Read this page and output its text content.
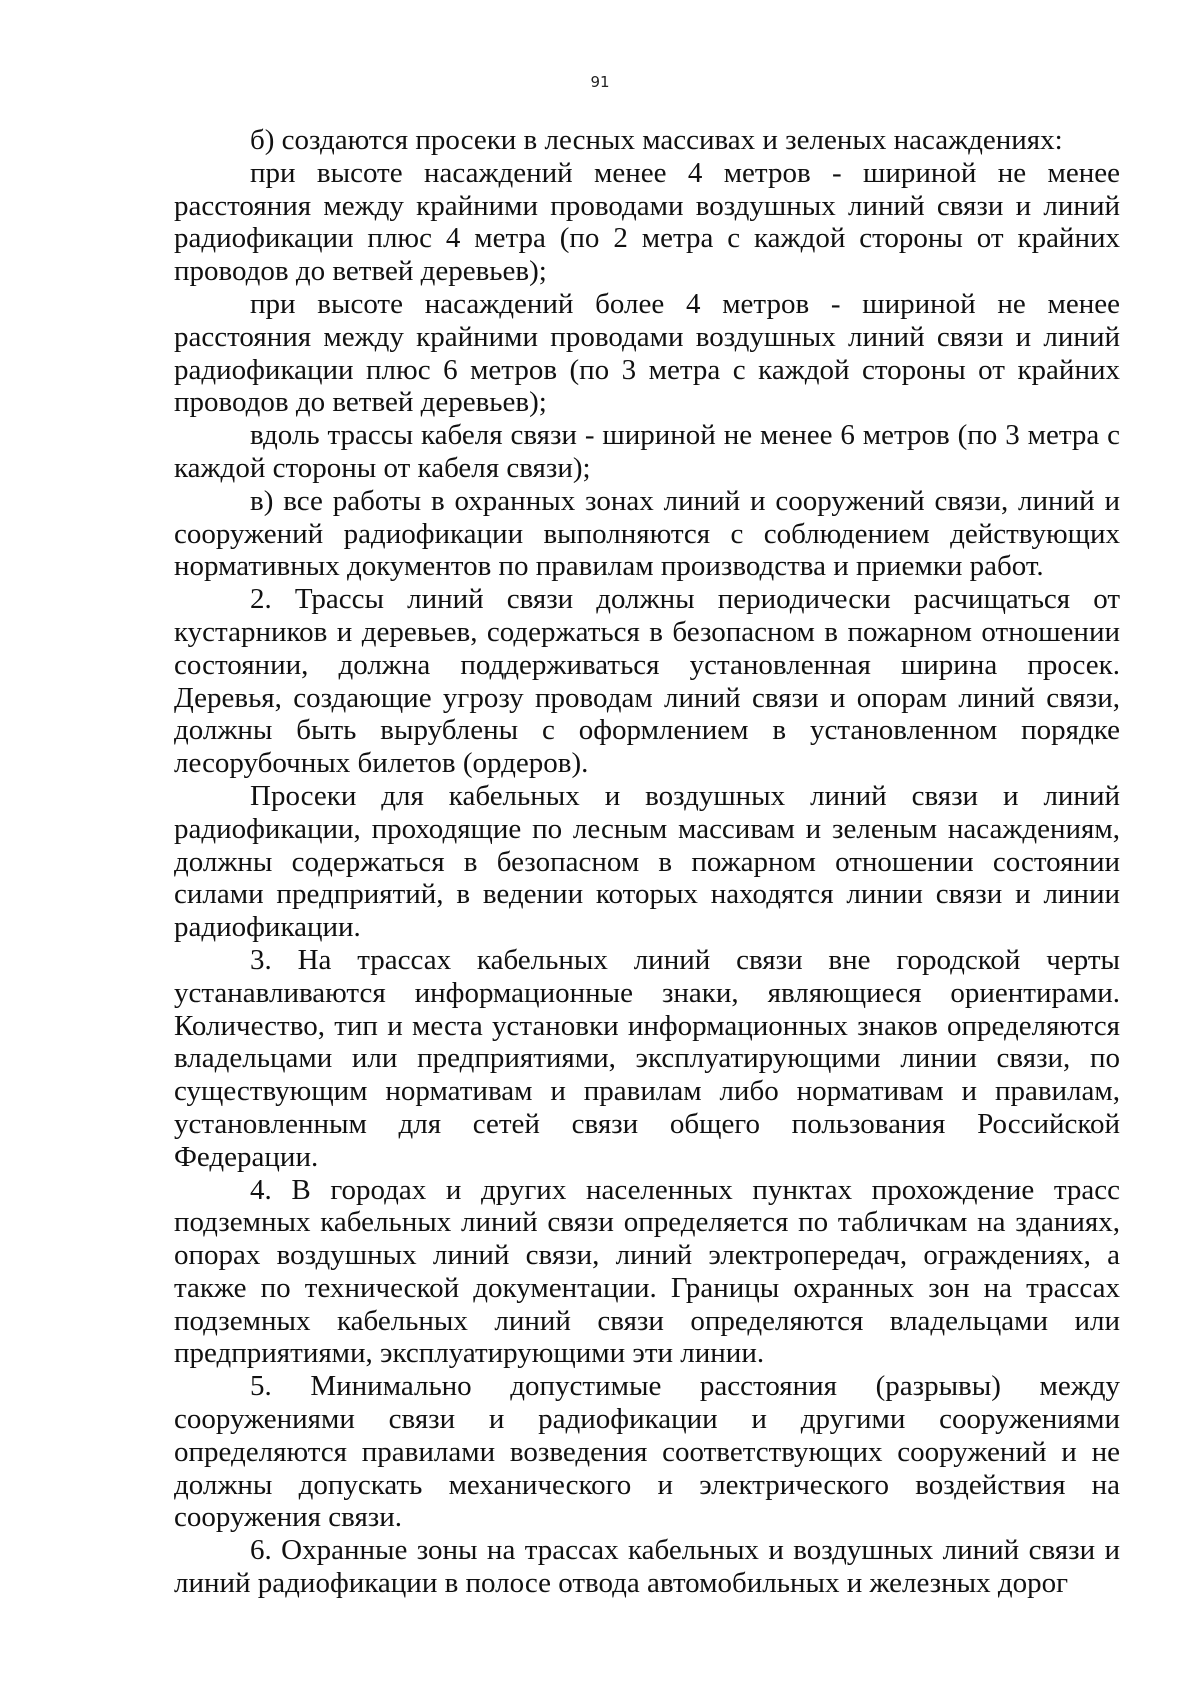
91

б) создаются просеки в лесных массивах и зеленых насаждениях:

при высоте насаждений менее 4 метров - шириной не менее расстояния между крайними проводами воздушных линий связи и линий радиофикации плюс 4 метра (по 2 метра с каждой стороны от крайних проводов до ветвей деревьев);

при высоте насаждений более 4 метров - шириной не менее расстояния между крайними проводами воздушных линий связи и линий радиофикации плюс 6 метров (по 3 метра с каждой стороны от крайних проводов до ветвей деревьев);

вдоль трассы кабеля связи - шириной не менее 6 метров (по 3 метра с каждой стороны от кабеля связи);

в) все работы в охранных зонах линий и сооружений связи, линий и сооружений радиофикации выполняются с соблюдением действующих нормативных документов по правилам производства и приемки работ.

2. Трассы линий связи должны периодически расчищаться от кустарников и деревьев, содержаться в безопасном в пожарном отношении состоянии, должна поддерживаться установленная ширина просек. Деревья, создающие угрозу проводам линий связи и опорам линий связи, должны быть вырублены с оформлением в установленном порядке лесорубочных билетов (ордеров).

Просеки для кабельных и воздушных линий связи и линий радиофикации, проходящие по лесным массивам и зеленым насаждениям, должны содержаться в безопасном в пожарном отношении состоянии силами предприятий, в ведении которых находятся линии связи и линии радиофикации.

3. На трассах кабельных линий связи вне городской черты устанавливаются информационные знаки, являющиеся ориентирами. Количество, тип и места установки информационных знаков определяются владельцами или предприятиями, эксплуатирующими линии связи, по существующим нормативам и правилам либо нормативам и правилам, установленным для сетей связи общего пользования Российской Федерации.

4. В городах и других населенных пунктах прохождение трасс подземных кабельных линий связи определяется по табличкам на зданиях, опорах воздушных линий связи, линий электропередач, ограждениях, а также по технической документации. Границы охранных зон на трассах подземных кабельных линий связи определяются владельцами или предприятиями, эксплуатирующими эти линии.

5. Минимально допустимые расстояния (разрывы) между сооружениями связи и радиофикации и другими сооружениями определяются правилами возведения соответствующих сооружений и не должны допускать механического и электрического воздействия на сооружения связи.

6. Охранные зоны на трассах кабельных и воздушных линий связи и линий радиофикации в полосе отвода автомобильных и железных дорог
